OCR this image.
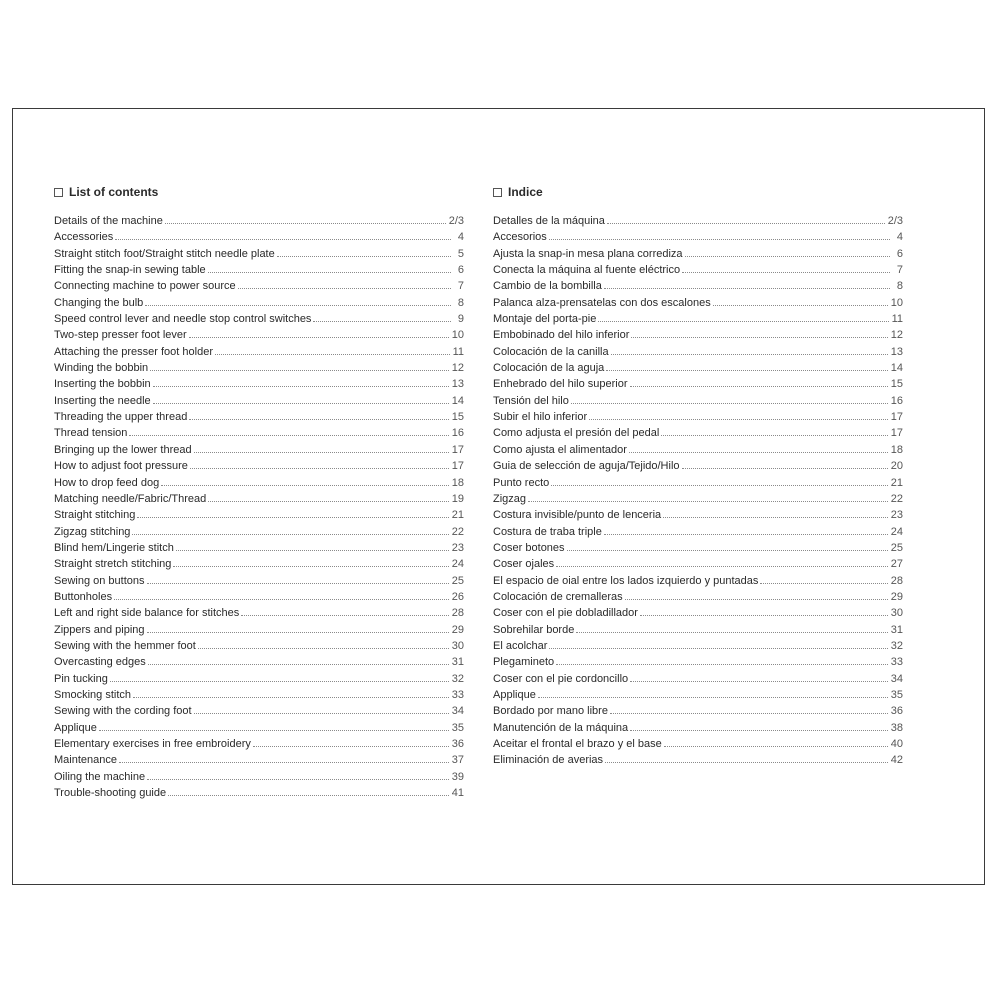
List of contents
Details of the machine	2/3
Accessories	4
Straight stitch foot/Straight stitch needle plate	5
Fitting the snap-in sewing table	6
Connecting machine to power source	7
Changing the bulb	8
Speed control lever and needle stop control switches	9
Two-step presser foot lever	10
Attaching the presser foot holder	11
Winding the bobbin	12
Inserting the bobbin	13
Inserting the needle	14
Threading the upper thread	15
Thread tension	16
Bringing up the lower thread	17
How to adjust foot pressure	17
How to drop feed dog	18
Matching needle/Fabric/Thread	19
Straight stitching	21
Zigzag stitching	22
Blind hem/Lingerie stitch	23
Straight stretch stitching	24
Sewing on buttons	25
Buttonholes	26
Left and right side balance for stitches	28
Zippers and piping	29
Sewing with the hemmer foot	30
Overcasting edges	31
Pin tucking	32
Smocking stitch	33
Sewing with the cording foot	34
Applique	35
Elementary exercises in free embroidery	36
Maintenance	37
Oiling the machine	39
Trouble-shooting guide	41
Indice
Detalles de la máquina	2/3
Accesorios	4
Ajusta la snap-in mesa plana corrediza	6
Conecta la máquina al fuente eléctrico	7
Cambio de la bombilla	8
Palanca alza-prensatelas con dos escalones	10
Montaje del porta-pie	11
Embobinado del hilo inferior	12
Colocación de la canilla	13
Colocación de la aguja	14
Enhebrado del hilo superior	15
Tensión del hilo	16
Subir el hilo inferior	17
Como adjusta el presión del pedal	17
Como ajusta el alimentador	18
Guia de selección de aguja/Tejido/Hilo	20
Punto recto	21
Zigzag	22
Costura invisible/punto de lenceria	23
Costura de traba triple	24
Coser botones	25
Coser ojales	27
El espacio de oial entre los lados izquierdo y puntadas	28
Colocación de cremalleras	29
Coser con el pie dobladillador	30
Sobrehilar borde	31
El acolchar	32
Plegamineto	33
Coser con el pie cordoncillo	34
Applique	35
Bordado por mano libre	36
Manutención de la máquina	38
Aceitar el frontal el brazo y el base	40
Eliminación de averias	42
